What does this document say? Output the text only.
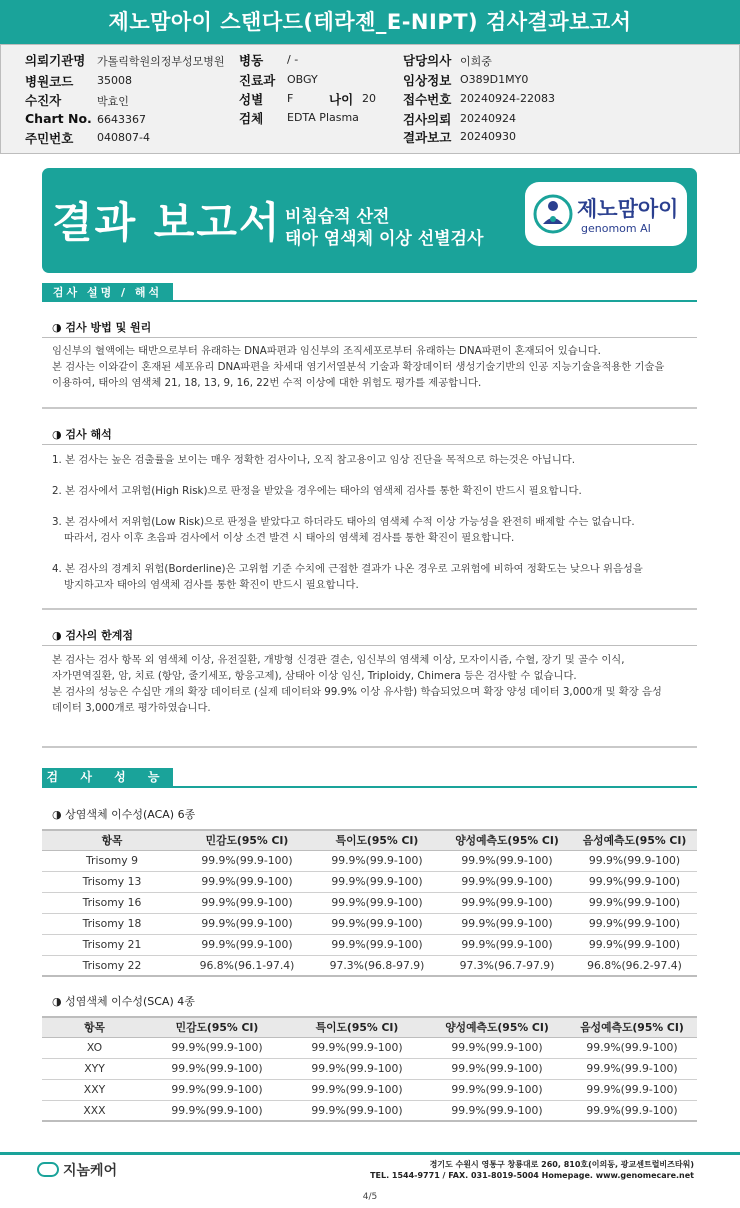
제노맘아이 스탠다드(테라젠_E-NIPT) 검사결과보고서
의뢰기관명 가톨릭학원의정부성모병원
병원코드 35008
수진자	박효인
Chart No. 6643367
주민번호 040807-4
병동 / -
진료과 OBGY
성별 F	나이 20
검체 EDTA Plasma
담당의사 이희중
임상정보 O389D1MY0
접수번호 20240924-22083
검사의뢰 20240924
결과보고 20240930
결과 보고서 비침습적 산전
태아 염색체 이상 선별검사
제노맘아이
genomom AI
검사 설명 / 해석
◑ 검사 방법 및 원리
임신부의 혈액에는 태반으로부터 유래하는 DNA파편과 임신부의 조직세포로부터 유래하는 DNA파편이 혼재되어 있습니다.
본 검사는 이와같이 혼재된 세포유리 DNA파편을 차세대 염기서열분석 기술과 확장데이터 생성기술기반의 인공 지능기술을적용한 기술을
이용하여, 태아의 염색체 21, 18, 13, 9, 16, 22번 수적 이상에 대한 위험도 평가를 제공합니다.
◑ 검사 해석
1. 본 검사는 높은 검출률을 보이는 매우 정확한 검사이나, 오직 참고용이고 임상 진단을 목적으로 하는것은 아닙니다.
2. 본 검사에서 고위험(High Risk)으로 판정을 받았을 경우에는 태아의 염색체 검사를 통한 확진이 반드시 필요합니다.
3. 본 검사에서 저위험(Low Risk)으로 판정을 받았다고 하더라도 태아의 염색체 수적 이상 가능성을 완전히 배제할 수는 없습니다.
따라서, 검사 이후 초음파 검사에서 이상 소견 발견 시 태아의 염색체 검사를 통한 확진이 필요합니다.
4. 본 검사의 경계치 위험(Borderline)은 고위험 기준 수치에 근접한 결과가 나온 경우로 고위험에 비하여 정확도는 낮으나 위음성을
방지하고자 태아의 염색체 검사를 통한 확진이 반드시 필요합니다.
◑ 검사의 한계점
본 검사는 검사 항목 외 염색체 이상, 유전질환, 개방형 신경관 결손, 임신부의 염색체 이상, 모자이시즘, 수혈, 장기 및 골수 이식,
자가면역질환, 암, 치료 (항암, 줄기세포, 항응고제), 삼태아 이상 임신, Triploidy, Chimera 등은 검사할 수 없습니다.
본 검사의 성능은 수십만 개의 확장 데이터로 (실제 데이터와 99.9% 이상 유사함) 학습되었으며 확장 양성 데이터 3,000개 및 확장 음성
데이터 3,000개로 평가하였습니다.
검 사 성 능
◑ 상염색체 이수성(ACA) 6종
항목	민감도(95% CI)	특이도(95% CI)	양성예측도(95% CI)	음성예측도(95% CI)
Trisomy 9	99.9%(99.9-100)	99.9%(99.9-100)	99.9%(99.9-100)	99.9%(99.9-100)
Trisomy 13	99.9%(99.9-100)	99.9%(99.9-100)	99.9%(99.9-100)	99.9%(99.9-100)
Trisomy 16	99.9%(99.9-100)	99.9%(99.9-100)	99.9%(99.9-100)	99.9%(99.9-100)
Trisomy 18	99.9%(99.9-100)	99.9%(99.9-100)	99.9%(99.9-100)	99.9%(99.9-100)
Trisomy 21	99.9%(99.9-100)	99.9%(99.9-100)	99.9%(99.9-100)	99.9%(99.9-100)
Trisomy 22	96.8%(96.1-97.4)	97.3%(96.8-97.9)	97.3%(96.7-97.9)	96.8%(96.2-97.4)
◑ 성염색체 이수성(SCA) 4종
항목	민감도(95% CI)	특이도(95% CI)	양성예측도(95% CI)	음성예측도(95% CI)
XO	99.9%(99.9-100)	99.9%(99.9-100)	99.9%(99.9-100)	99.9%(99.9-100)
XYY	99.9%(99.9-100)	99.9%(99.9-100)	99.9%(99.9-100)	99.9%(99.9-100)
XXY	99.9%(99.9-100)	99.9%(99.9-100)	99.9%(99.9-100)	99.9%(99.9-100)
XXX	99.9%(99.9-100)	99.9%(99.9-100)	99.9%(99.9-100)	99.9%(99.9-100)
지놈케어	경기도 수원시 영통구 창룡대로 260, 810호(이의동, 광교센트럴비즈타워)
TEL. 1544-9771 / FAX. 031-8019-5004 Homepage. www.genomecare.net
4/5
